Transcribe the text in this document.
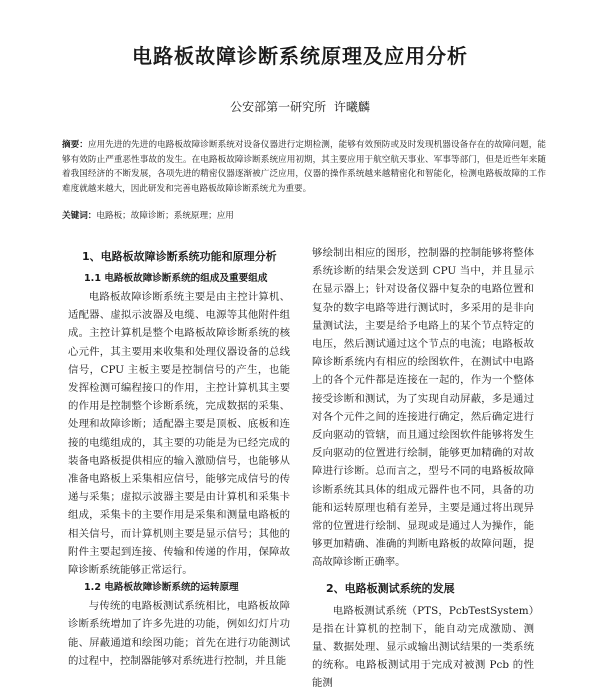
电路板故障诊断系统原理及应用分析
公安部第一研究所 许曦麟
摘要：应用先进的先进的电路板故障诊断系统对设备仪器进行定期检测，能够有效预防或及时发现机器设备存在的故障问题，能够有效防止严重恶性事故的发生。在电路板故障诊断系统应用初期，其主要应用于航空航天事业、军事等部门，但是近些年来随着我国经济的不断发展，各项先进的精密仪器逐渐被广泛应用，仪器的操作系统越来越精密化和智能化，检测电路板故障的工作难度就越来越大，因此研发和完善电路板故障诊断系统尤为重要。
关键词：电路板；故障诊断；系统原理；应用
1、电路板故障诊断系统功能和原理分析
1.1 电路板故障诊断系统的组成及重要组成

电路板故障诊断系统主要是由主控计算机、适配器、虚拟示波器及电缆、电源等其他附件组成。主控计算机是整个电路板故障诊断系统的核心元件，其主要用来收集和处理仪器设备的总线信号，CPU 主板主要是控制信号的产生，也能发挥检测可编程接口的作用，主控计算机其主要的作用是控制整个诊断系统，完成数据的采集、处理和故障诊断；适配器主要是顶板、底板和连接的电缆组成的，其主要的功能是为已经完成的装备电路板提供相应的输入激励信号，也能够从准备电路板上采集相应信号，能够完成信号的传递与采集；虚拟示波器主要是由计算机和采集卡组成，采集卡的主要作用是采集和测量电路板的相关信号，而计算机则主要是显示信号；其他的附件主要起到连接、传输和传递的作用，保障故障诊断系统能够正常运行。

1.2 电路板故障诊断系统的运转原理

与传统的电路板测试系统相比，电路板故障诊断系统增加了许多先进的功能，例如幻灯片功能、屏蔽通道和绘图功能；首先在进行功能测试的过程中，控制器能够对系统进行控制，并且能

够绘制出相应的图形，控制器的控制能够将整体系统诊断的结果会发送到 CPU 当中，并且显示在显示器上；针对设备仪器中复杂的电路位置和复杂的数字电路等进行测试时，多采用的是非向量测试法，主要是给予电路上的某个节点特定的电压，然后测试通过这个节点的电流；电路板故障诊断系统内有相应的绘图软件，在测试中电路上的各个元件都是连接在一起的，作为一个整体接受诊断和测试，为了实现自动屏蔽，多是通过对各个元件之间的连接进行确定，然后确定进行反向驱动的管辖，而且通过绘图软件能够将发生反向驱动的位置进行绘制，能够更加精确的对故障进行诊断。总而言之，型号不同的电路板故障诊断系统其具体的组成元器件也不同，具备的功能和运转原理也稍有差异，主要是通过将出现异常的位置进行绘制、显现或是通过人为操作，能够更加精确、准确的判断电路板的故障问题，提高故障诊断正确率。

2、电路板测试系统的发展

电路板测试系统（PTS，PcbTestSystem）是指在计算机的控制下，能自动完成激励、测量、数据处理、显示或输出测试结果的一类系统的统称。电路板测试用于完成对被测 Pcb 的性能测
